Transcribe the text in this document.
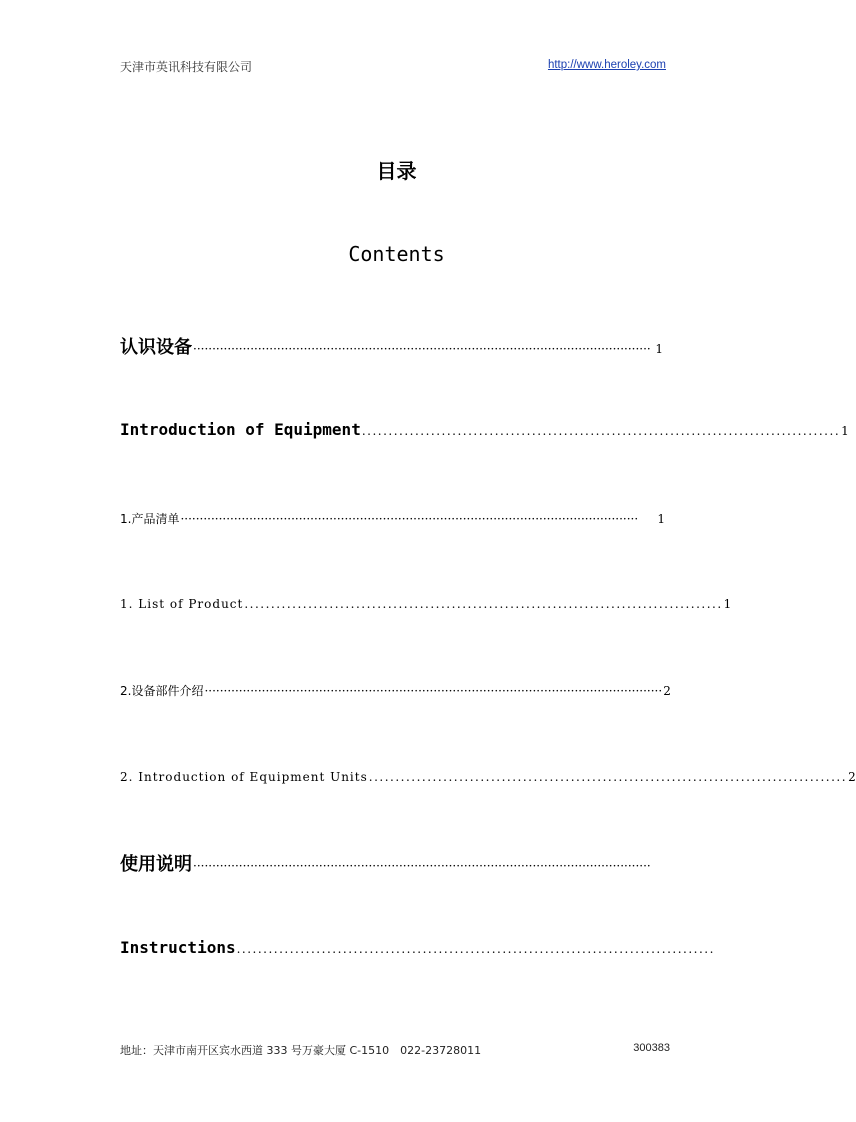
天津市英讯科技有限公司	http://www.heroley.com
目录
Contents
认识设备 ························································································································ 1
Introduction of Equipment .......................................................................................... 1
1.产品清单 ························································································································	1
1. List of Product .......................................................................................... 1
2.设备部件介绍 ························································································································ 2
2. Introduction of Equipment Units .......................................................................................... 2
使用说明 ························································································································
Instructions ..........................................................................................
地址：天津市南开区宾水西道 333 号万豪大厦 C-1510　022-23728011	300383
